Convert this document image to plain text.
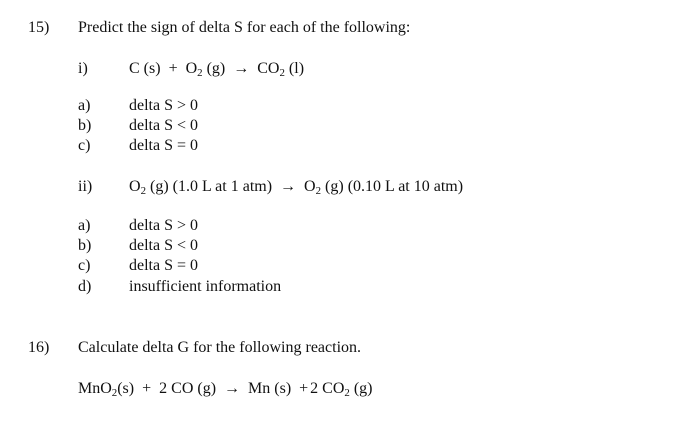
15) Predict the sign of delta S for each of the following:
i)	C $(s) + O_2$ $(g) \to CO_2$ (l)
a) delta S > 0
b) delta S < 0
c) delta S = 0
ii) $O_2$ (g) (1.0 L at 1 $atm) \to O_2$ (g) (0.10 L at 10 atm)
a) delta S > 0
b) delta S < 0
c) delta S = 0
d) insufficient information
16) Calculate delta G for the following reaction.
MnO$_2$(s) + 2 CO (g) → Mn (s) + 2 $CO_2$ (g)
